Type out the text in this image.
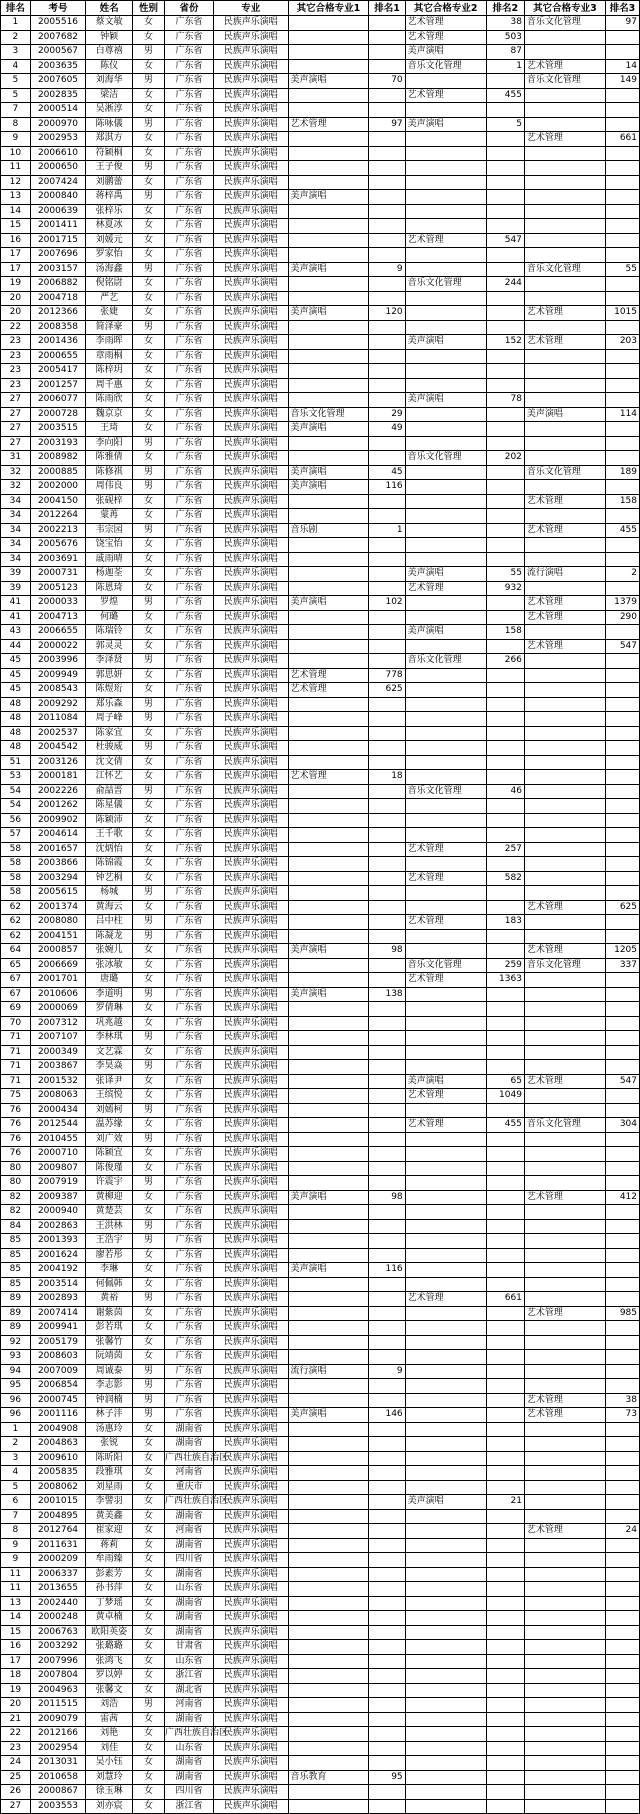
排名	考号	姓名	性别	省份	专业	其它合格专业1	排名1	其它合格专业2	排名2	其它合格专业3	排名3
1	2005516	蔡文敏	女	广东省	民族声乐演唱			艺术管理	38	音乐文化管理	97
2	2007682	钟颖	女	广东省	民族声乐演唱			艺术管理	503		
3	2000567	白尊禧	男	广东省	民族声乐演唱			美声演唱	87		
4	2003635	陈仪	女	广东省	民族声乐演唱			音乐文化管理	1	艺术管理	14
5	2007605	刘海华	男	广东省	民族声乐演唱	美声演唱	70			音乐文化管理	149
5	2002835	梁洁	女	广东省	民族声乐演唱			艺术管理	455		
7	2000514	吴淅淳	女	广东省	民族声乐演唱						
8	2000970	陈咏儀	男	广东省	民族声乐演唱	艺术管理	97	美声演唱	5		
9	2002953	郑淇方	女	广东省	民族声乐演唱					艺术管理	661
10	2006610	符颖桐	女	广东省	民族声乐演唱						
11	2000650	王子俊	男	广东省	民族声乐演唱						
12	2007424	刘鹏蕾	女	广东省	民族声乐演唱						
13	2000840	蒋梓禹	男	广东省	民族声乐演唱	美声演唱					
14	2000639	张梓乐	女	广东省	民族声乐演唱						
15	2001411	林夏冰	女	广东省	民族声乐演唱						
16	2001715	刘媛元	女	广东省	民族声乐演唱			艺术管理	547		
17	2007696	罗家怡	女	广东省	民族声乐演唱						
17	2003157	汤海鑫	男	广东省	民族声乐演唱	美声演唱	9			音乐文化管理	55
19	2006882	倪铭尉	女	广东省	民族声乐演唱			音乐文化管理	244		
20	2004718	严艺	女	广东省	民族声乐演唱						
20	2012366	张婕	女	广东省	民族声乐演唱	美声演唱	120			艺术管理	1015
22	2008358	简泽豪	男	广东省	民族声乐演唱						
23	2001436	李雨晖	女	广东省	民族声乐演唱			美声演唱	152	艺术管理	203
23	2000655	章雨桐	女	广东省	民族声乐演唱						
23	2005417	陈梓玥	女	广东省	民族声乐演唱						
23	2001257	周千惠	女	广东省	民族声乐演唱						
27	2006077	陈雨欣	女	广东省	民族声乐演唱			美声演唱	78		
27	2000728	魏京京	女	广东省	民族声乐演唱	音乐文化管理	29			美声演唱	114
27	2003515	王琦	女	广东省	民族声乐演唱	美声演唱	49				
27	2003193	李向阳	男	广东省	民族声乐演唱						
31	2008982	陈雅倩	女	广东省	民族声乐演唱			音乐文化管理	202		
32	2000885	陈修祺	男	广东省	民族声乐演唱	美声演唱	45			音乐文化管理	189
32	2002000	周伟良	男	广东省	民族声乐演唱	美声演唱	116				
34	2004150	张砚梓	女	广东省	民族声乐演唱					艺术管理	158
34	2012264	蒙苒	女	广东省	民族声乐演唱						
34	2002213	韦宗园	男	广东省	民族声乐演唱	音乐剧	1			艺术管理	455
34	2005676	饶宝怡	女	广东省	民族声乐演唱						
34	2003691	戚雨晴	女	广东省	民族声乐演唱						
39	2000731	杨迦荃	女	广东省	民族声乐演唱			美声演唱	55	流行演唱	2
39	2005123	陈恩琦	女	广东省	民族声乐演唱			艺术管理	932		
41	2000033	罗煌	男	广东省	民族声乐演唱	美声演唱	102			艺术管理	1379
41	2004713	何璐	女	广东省	民族声乐演唱					艺术管理	290
43	2006655	陈瑞铃	女	广东省	民族声乐演唱			美声演唱	158		
44	2000022	郭灵灵	女	广东省	民族声乐演唱					艺术管理	547
45	2003996	李泽贤	男	广东省	民族声乐演唱			音乐文化管理	266		
45	2009949	郭思妍	女	广东省	民族声乐演唱	艺术管理	778				
45	2008543	陈煜珩	女	广东省	民族声乐演唱	艺术管理	625				
48	2009292	郑乐森	男	广东省	民族声乐演唱						
48	2011084	周子峰	男	广东省	民族声乐演唱						
48	2002537	陈家宜	女	广东省	民族声乐演唱						
48	2004542	杜骏威	男	广东省	民族声乐演唱						
51	2003126	沈文倩	女	广东省	民族声乐演唱						
53	2000181	江怀艺	女	广东省	民族声乐演唱	艺术管理	18				
54	2002226	俞喆晋	男	广东省	民族声乐演唱			音乐文化管理	46		
54	2001262	陈星儀	女	广东省	民族声乐演唱						
56	2009902	陈颖沛	女	广东省	民族声乐演唱						
57	2004614	王千歌	女	广东省	民族声乐演唱						
58	2001657	沈炳怡	女	广东省	民族声乐演唱			艺术管理	257		
58	2003866	陈锦霞	女	广东省	民族声乐演唱						
58	2003294	钟艺桐	女	广东省	民族声乐演唱			艺术管理	582		
58	2005615	杨城	男	广东省	民族声乐演唱						
62	2001374	黄海云	女	广东省	民族声乐演唱					艺术管理	625
62	2008080	吕中柱	男	广东省	民族声乐演唱			艺术管理	183		
62	2004151	陈凝龙	男	广东省	民族声乐演唱						
64	2000857	张婉儿	女	广东省	民族声乐演唱	美声演唱	98			艺术管理	1205
65	2006669	张冰敏	女	广东省	民族声乐演唱			音乐文化管理	259	音乐文化管理	337
67	2001701	唐璐	女	广东省	民族声乐演唱			艺术管理	1363		
67	2010606	李道明	男	广东省	民族声乐演唱	美声演唱	138				
69	2000069	罗倩琳	女	广东省	民族声乐演唱						
70	2007312	巩兆越	女	广东省	民族声乐演唱						
71	2007107	李林琪	男	广东省	民族声乐演唱						
71	2000349	文艺霖	女	广东省	民族声乐演唱						
71	2003867	李昊焱	男	广东省	民族声乐演唱						
71	2001532	张译尹	女	广东省	民族声乐演唱			美声演唱	65	艺术管理	547
75	2008063	王缤悦	女	广东省	民族声乐演唱			艺术管理	1049		
76	2000434	刘嫣柯	男	广东省	民族声乐演唱						
76	2012544	温苏缘	女	广东省	民族声乐演唱			艺术管理	455	音乐文化管理	304
76	2010455	刘广效	男	广东省	民族声乐演唱						
76	2000710	陈颖宜	女	广东省	民族声乐演唱						
80	2009807	陈俊瑾	女	广东省	民族声乐演唱						
80	2007919	许震宇	男	广东省	民族声乐演唱						
82	2009387	黄柳迎	女	广东省	民族声乐演唱	美声演唱	98			艺术管理	412
82	2000940	黄楚芸	女	广东省	民族声乐演唱						
84	2002863	王洪林	男	广东省	民族声乐演唱						
85	2001393	王浩宇	男	广东省	民族声乐演唱						
85	2001624	廖若彤	女	广东省	民族声乐演唱						
85	2004192	李琳	女	广东省	民族声乐演唱	美声演唱	116				
85	2003514	何佩韩	女	广东省	民族声乐演唱						
89	2002893	黄裕	男	广东省	民族声乐演唱			艺术管理	661		
89	2007414	谢紫茵	女	广东省	民族声乐演唱					艺术管理	985
89	2009941	彭若琪	女	广东省	民族声乐演唱						
92	2005179	张馨竹	女	广东省	民族声乐演唱						
93	2008603	阮靖茵	女	广东省	民族声乐演唱						
94	2007009	周诚泰	男	广东省	民族声乐演唱	流行演唱	9				
95	2006854	李志影	男	广东省	民族声乐演唱						
96	2000745	钟润楠	男	广东省	民族声乐演唱					艺术管理	38
96	2001116	林子沣	男	广东省	民族声乐演唱	美声演唱	146			艺术管理	73
1	2004908	汤惠玲	女	湖南省	民族声乐演唱						
2	2004863	张锐	女	湖南省	民族声乐演唱						
3	2009610	陈昕阳	女	广西壮族自治区	民族声乐演唱						
4	2005835	段雅琪	女	河南省	民族声乐演唱						
5	2008062	刘星雨	女	重庆市	民族声乐演唱						
6	2001015	李譬羽	女	广西壮族自治区	民族声乐演唱			美声演唱	21		
7	2004895	黄美鑫	女	湖南省	民族声乐演唱						
8	2012764	崔家迎	女	河南省	民族声乐演唱					艺术管理	24
9	2011631	蒋莉	女	湖南省	民族声乐演唱						
9	2000209	牟雨臻	女	四川省	民族声乐演唱						
11	2006337	彭素芳	女	湖南省	民族声乐演唱						
11	2013655	孙书萍	女	山东省	民族声乐演唱						
13	2002440	丁梦瑶	女	湖南省	民族声乐演唱						
14	2000248	黄卓楠	女	湖南省	民族声乐演唱						
15	2006763	欧阳英姿	女	湖南省	民族声乐演唱						
16	2003292	张璐璐	女	甘肃省	民族声乐演唱						
17	2007996	张鸿飞	女	山东省	民族声乐演唱						
18	2007804	罗以婷	女	浙江省	民族声乐演唱						
19	2004963	张馨文	女	湖北省	民族声乐演唱						
20	2011515	刘浩	男	河南省	民族声乐演唱						
21	2009079	雷茜	女	湖南省	民族声乐演唱						
22	2012166	刘艳	女	广西壮族自治区	民族声乐演唱						
23	2002954	刘佳	女	山东省	民族声乐演唱						
24	2013031	吴小钰	女	湖南省	民族声乐演唱						
25	2010658	刘慧玲	女	湖南省	民族声乐演唱	音乐教育	95				
26	2000867	徐玉琳	女	四川省	民族声乐演唱						
27	2003553	刘亦宸	女	浙江省	民族声乐演唱						
